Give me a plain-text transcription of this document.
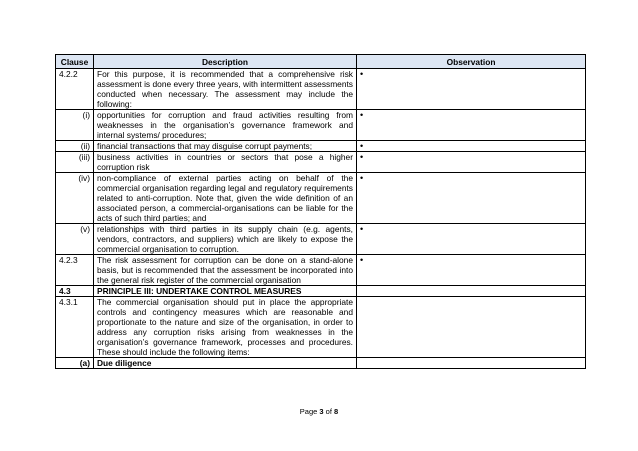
Clause	Description	Observation
4.2.2	For this purpose, it is recommended that a comprehensive risk assessment is done every three years, with intermittent assessments conducted when necessary. The assessment may include the following:	•
(i)	opportunities for corruption and fraud activities resulting from weaknesses in the organisation’s governance framework and internal systems/ procedures;	•
(ii)	financial transactions that may disguise corrupt payments;	•
(iii)	business activities in countries or sectors that pose a higher corruption risk	•
(iv)	non-compliance of external parties acting on behalf of the commercial organisation regarding legal and regulatory requirements related to anti-corruption. Note that, given the wide definition of an associated person, a commercial-organisations can be liable for the acts of such third parties; and	•
(v)	relationships with third parties in its supply chain (e.g. agents, vendors, contractors, and suppliers) which are likely to expose the commercial organisation to corruption.	•
4.2.3	The risk assessment for corruption can be done on a stand-alone basis, but is recommended that the assessment be incorporated into the general risk register of the commercial organisation	•
4.3	PRINCIPLE III: UNDERTAKE CONTROL MEASURES	
4.3.1	The commercial organisation should put in place the appropriate controls and contingency measures which are reasonable and proportionate to the nature and size of the organisation, in order to address any corruption risks arising from weaknesses in the organisation’s governance framework, processes and procedures. These should include the following items:	
(a)	Due diligence	
Page 3 of 8
